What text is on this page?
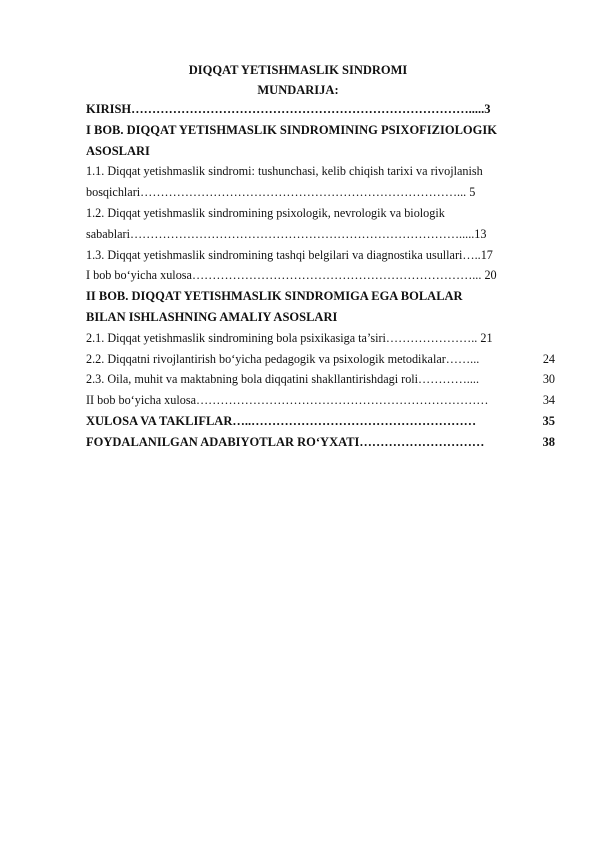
DIQQAT YETISHMASLIK SINDROMI
MUNDARIJA:
KIRISH……………………………………………………………………….....3
I BOB. DIQQAT YETISHMASLIK SINDROMINING PSIXOFIZIOLOGIK
ASOSLARI
1.1. Diqqat yetishmaslik sindromi: tushunchasi, kelib chiqish tarixi va rivojlanish
bosqichlari……………………………………………………………………... 5
1.2. Diqqat yetishmaslik sindromining psixologik, nevrologik va biologik
sabablari……………………………………………………………………….....13
1.3. Diqqat yetishmaslik sindromining tashqi belgilari va diagnostika usullari…..17
I bob bo‘yicha xulosa……………………………………………………………... 20
II BOB. DIQQAT YETISHMASLIK SINDROMIGA EGA BOLALAR
BILAN ISHLASHNING AMALIY ASOSLARI
2.1. Diqqat yetishmaslik sindromining bola psixikasiga ta’siri………………….. 21
2.2. Diqqatni rivojlantirish bo‘yicha pedagogik va psixologik metodikalar……...	24
2.3. Oila, muhit va maktabning bola diqqatini shakllantirishdagi roli…………....	30
II bob bo‘yicha xulosa………………………………………………………………	34
XULOSA VA TAKLIFLAR…..………………………………………………	35
FOYDALANILGAN ADABIYOTLAR RO‘YXATI…………………………	38
